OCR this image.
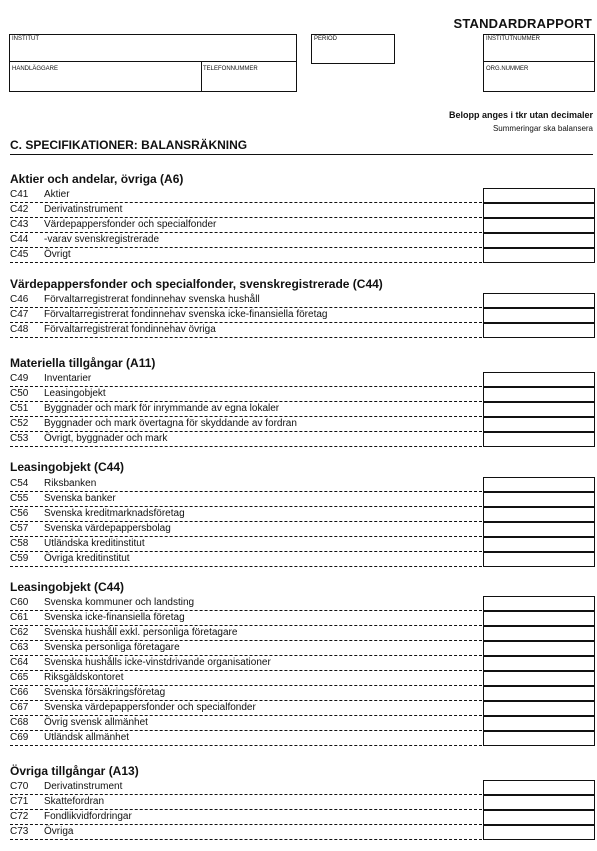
STANDARDRAPPORT
INSTITUT
HANDLÄGGARE	TELEFONNUMMER
PERIOD	INSTITUTNUMMER
ORG.NUMMER
Belopp anges i tkr utan decimaler
Summeringar ska balansera
C. SPECIFIKATIONER: BALANSRÄKNING
Aktier och andelar, övriga (A6)
C41 Aktier
C42 Derivatinstrument
C43 Värdepappersfonder och specialfonder
C44-varav svenskregistrerade
C45 Övrigt
Värdepappersfonder och specialfonder, svenskregistrerade (C44)
C46 Förvaltarregistrerat fondinnehav svenska hushåll
C47 Förvaltarregistrerat fondinnehav svenska icke-finansiella företag
C48 Förvaltarregistrerat fondinnehav övriga
Materiella tillgångar (A11)
C49 Inventarier
C50 Leasingobjekt
C51 Byggnader och mark för inrymmande av egna lokaler
C52 Byggnader och mark övertagna för skyddande av fordran
C53 Övrigt, byggnader och mark
Leasingobjekt (C44)
C54 Riksbanken
C55 Svenska banker
C56 Svenska kreditmarknadsföretag
C57 Svenska värdepappersbolag
C58 Utländska kreditinstitut
C59 Övriga kreditinstitut
Leasingobjekt (C44)
C60 Svenska kommuner och landsting
C61 Svenska icke-finansiella företag
C62 Svenska hushåll exkl. personliga företagare
C63 Svenska personliga företagare
C64 Svenska hushålls icke-vinstdrivande organisationer
C65 Riksgäldskontoret
C66 Svenska försäkringsföretag
C67 Svenska värdepappersfonder och specialfonder
C68 Övrig svensk allmänhet
C69 Utländsk allmänhet
Övriga tillgångar (A13)
C70 Derivatinstrument
C71 Skattefordran
C72 Fondlikvidfordringar
C73 Övriga
